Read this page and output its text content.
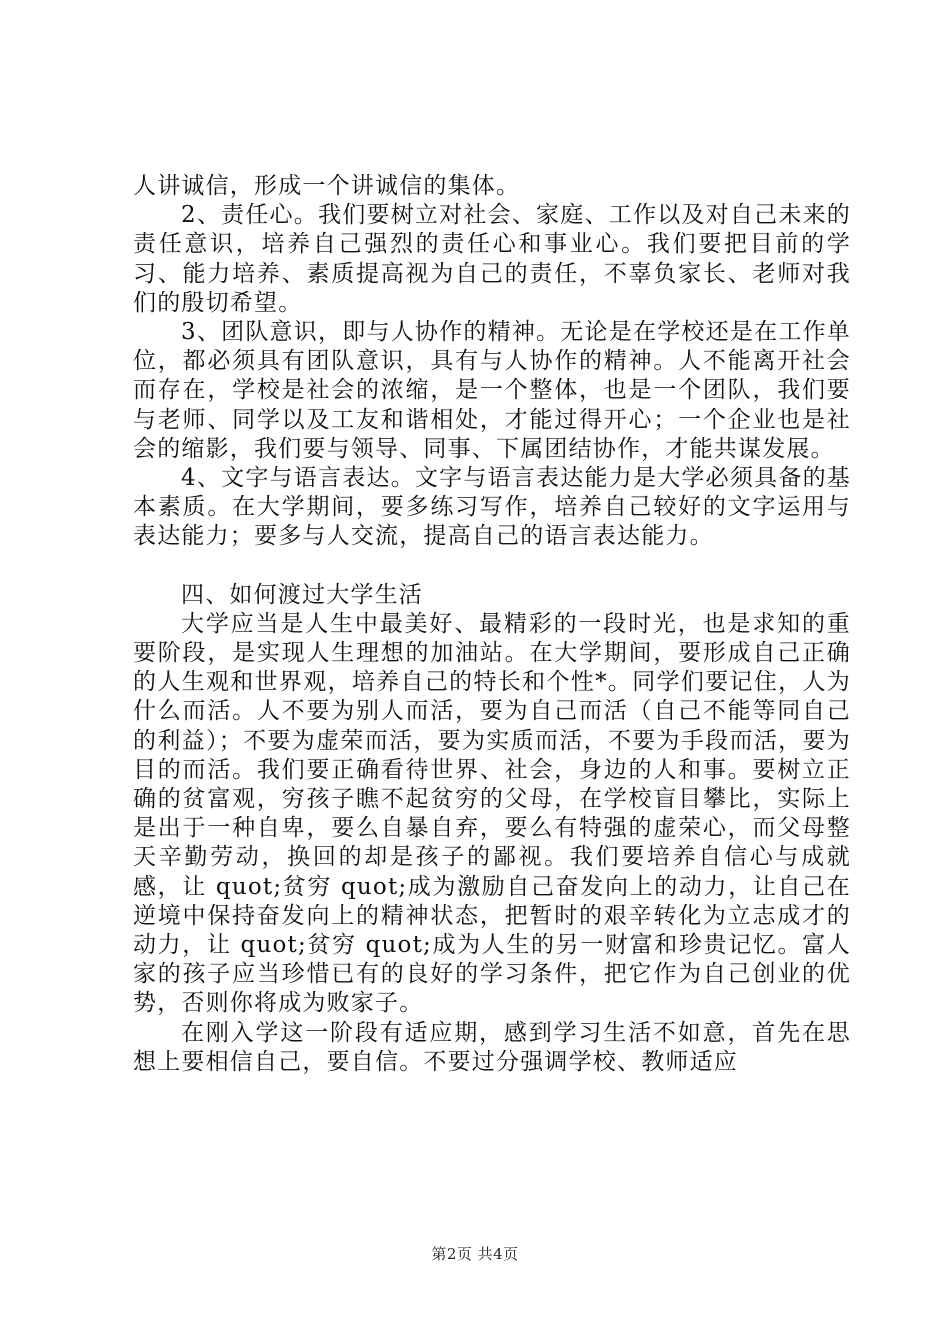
人讲诚信，形成一个讲诚信的集体。

2、责任心。我们要树立对社会、家庭、工作以及对自己未来的责任意识，培养自己强烈的责任心和事业心。我们要把目前的学习、能力培养、素质提高视为自己的责任，不辜负家长、老师对我们的殷切希望。

3、团队意识，即与人协作的精神。无论是在学校还是在工作单位，都必须具有团队意识，具有与人协作的精神。人不能离开社会而存在，学校是社会的浓缩，是一个整体，也是一个团队，我们要与老师、同学以及工友和谐相处，才能过得开心；一个企业也是社会的缩影，我们要与领导、同事、下属团结协作，才能共谋发展。

4、文字与语言表达。文字与语言表达能力是大学必须具备的基本素质。在大学期间，要多练习写作，培养自己较好的文字运用与表达能力；要多与人交流，提高自己的语言表达能力。

四、如何渡过大学生活

大学应当是人生中最美好、最精彩的一段时光，也是求知的重要阶段，是实现人生理想的加油站。在大学期间，要形成自己正确的人生观和世界观，培养自己的特长和个性*。同学们要记住，人为什么而活。人不要为别人而活，要为自己而活（自己不能等同自己的利益）；不要为虚荣而活，要为实质而活，不要为手段而活，要为目的而活。我们要正确看待世界、社会，身边的人和事。要树立正确的贫富观，穷孩子瞧不起贫穷的父母，在学校盲目攀比，实际上是出于一种自卑，要么自暴自弃，要么有特强的虚荣心，而父母整天辛勤劳动，换回的却是孩子的鄙视。我们要培养自信心与成就感，让 quot;贫穷 quot;成为激励自己奋发向上的动力，让自己在逆境中保持奋发向上的精神状态，把暂时的艰辛转化为立志成才的动力，让 quot;贫穷 quot;成为人生的另一财富和珍贵记忆。富人家的孩子应当珍惜已有的良好的学习条件，把它作为自己创业的优势，否则你将成为败家子。

在刚入学这一阶段有适应期，感到学习生活不如意，首先在思想上要相信自己，要自信。不要过分强调学校、教师适应

第2页 共4页
